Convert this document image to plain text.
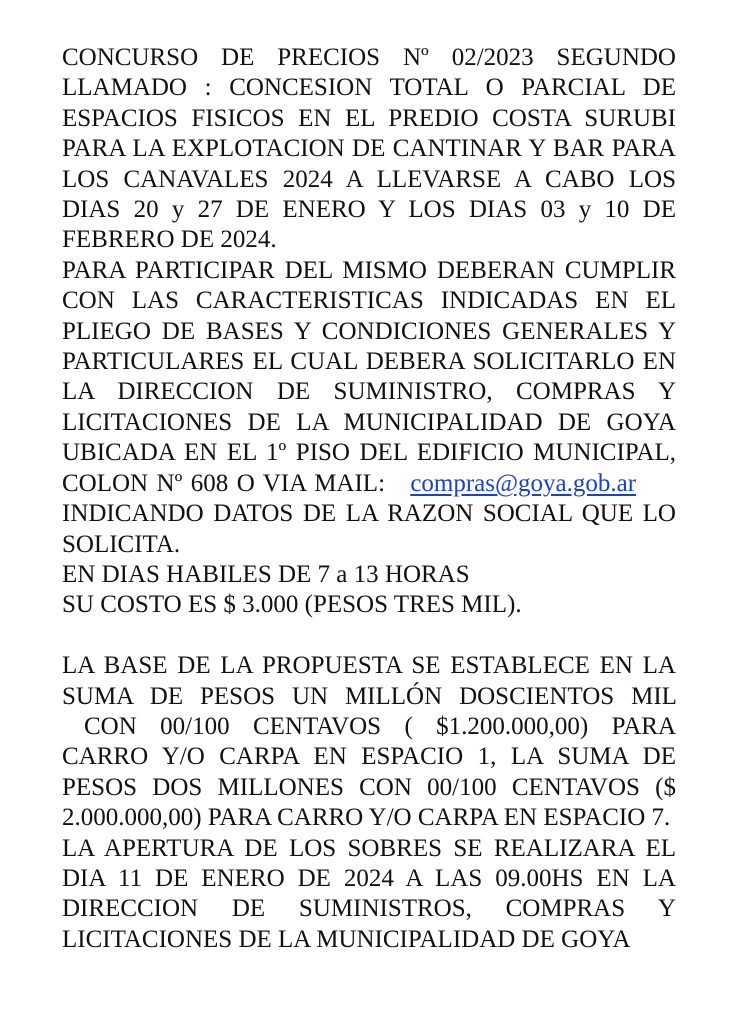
CONCURSO DE PRECIOS Nº 02/2023 SEGUNDO LLAMADO : CONCESION TOTAL O PARCIAL DE ESPACIOS FISICOS EN EL PREDIO COSTA SURUBI PARA LA EXPLOTACION DE CANTINAR Y BAR PARA LOS CANAVALES 2024 A LLEVARSE A CABO LOS DIAS 20 y 27 DE ENERO Y LOS DIAS 03 y 10 DE FEBRERO DE 2024.

PARA PARTICIPAR DEL MISMO DEBERAN CUMPLIR CON LAS CARACTERISTICAS INDICADAS EN EL PLIEGO DE BASES Y CONDICIONES GENERALES Y PARTICULARES EL CUAL DEBERA SOLICITARLO EN LA DIRECCION DE SUMINISTRO, COMPRAS Y LICITACIONES DE LA MUNICIPALIDAD DE GOYA UBICADA EN EL 1º PISO DEL EDIFICIO MUNICIPAL, COLON Nº 608 O VIA MAIL: compras@goya.gob.ar      INDICANDO DATOS DE LA RAZON SOCIAL QUE LO SOLICITA.
EN DIAS HABILES DE 7 a 13 HORAS
SU COSTO ES $ 3.000 (PESOS TRES MIL).

LA BASE DE LA PROPUESTA SE ESTABLECE EN LA SUMA DE PESOS UN MILLÓN DOSCIENTOS MIL CON 00/100 CENTAVOS ( $1.200.000,00) PARA CARRO Y/O CARPA EN ESPACIO 1, LA SUMA DE PESOS DOS MILLONES CON 00/100 CENTAVOS ($ 2.000.000,00) PARA CARRO Y/O CARPA EN ESPACIO 7.

LA APERTURA DE LOS SOBRES SE REALIZARA EL DIA 11 DE ENERO DE 2024 A LAS 09.00HS EN LA DIRECCION DE SUMINISTROS, COMPRAS Y LICITACIONES DE LA MUNICIPALIDAD DE GOYA
